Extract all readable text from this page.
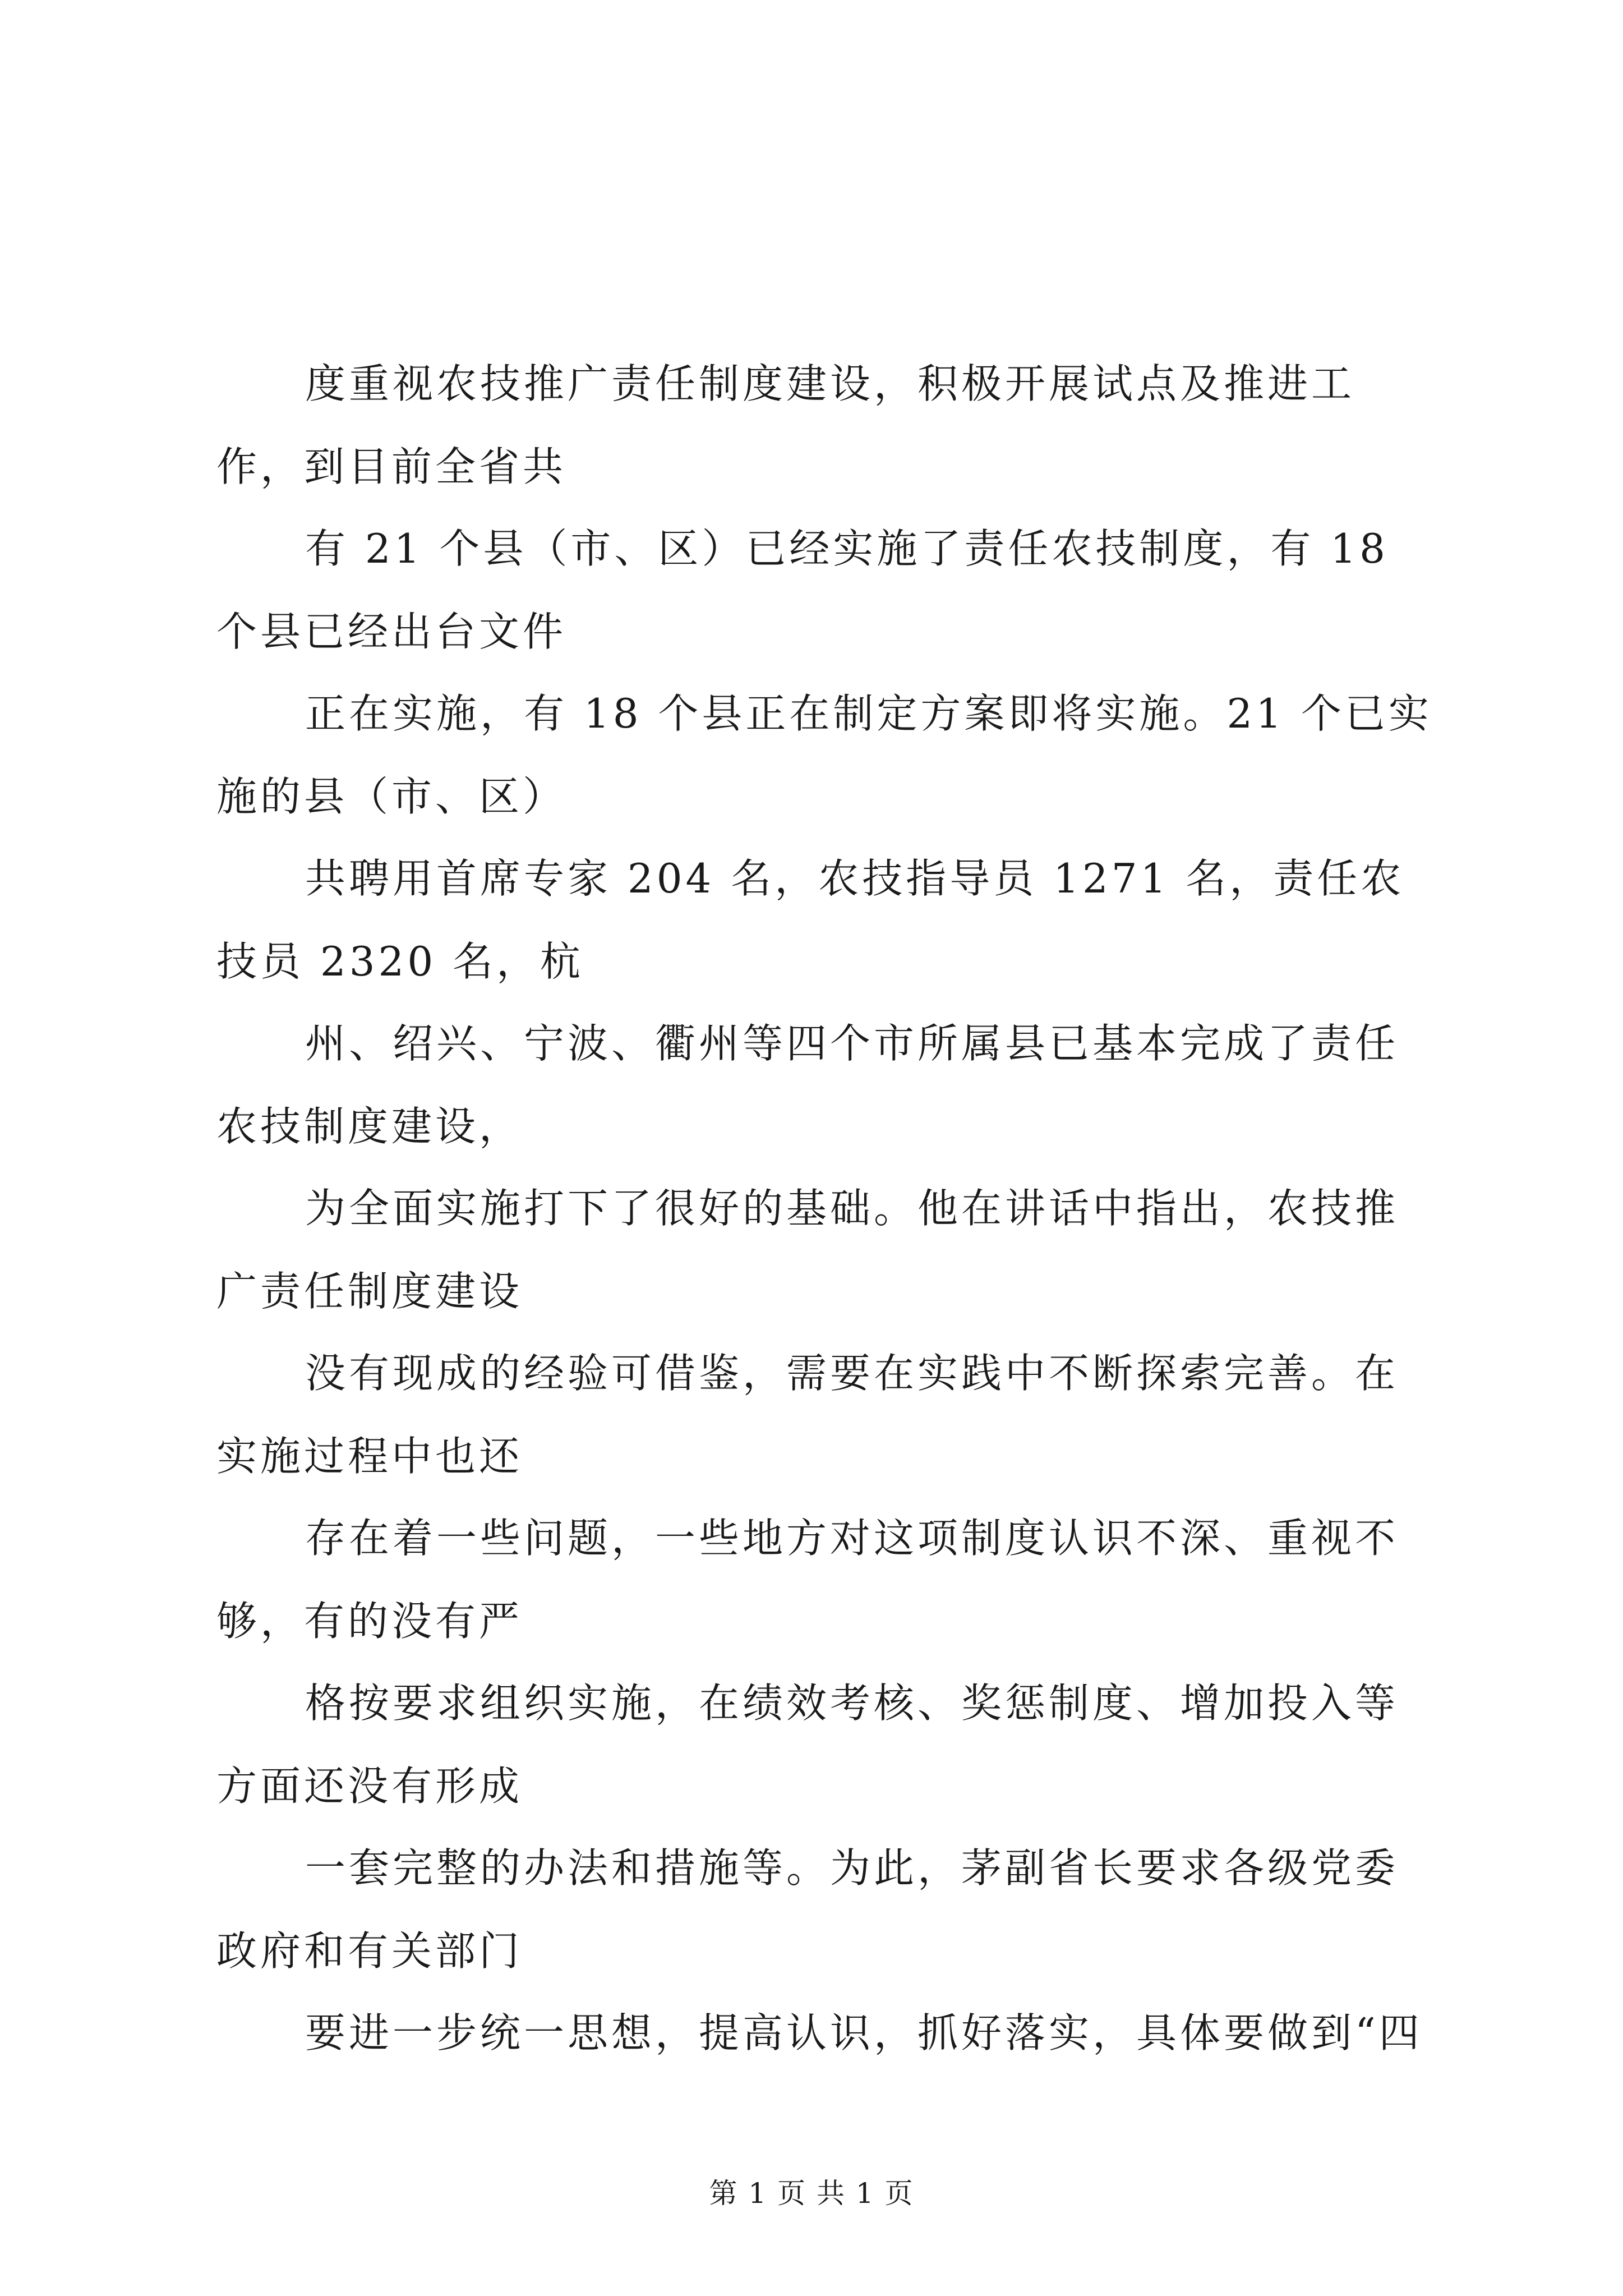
度重视农技推广责任制度建设，积极开展试点及推进工作，到目前全省共

有 21 个县（市、区）已经实施了责任农技制度，有 18 个县已经出台文件

正在实施，有 18 个县正在制定方案即将实施。21 个已实施的县（市、区）

共聘用首席专家 204 名，农技指导员 1271 名，责任农技员 2320 名，杭

州、绍兴、宁波、衢州等四个市所属县已基本完成了责任农技制度建设，

为全面实施打下了很好的基础。他在讲话中指出，农技推广责任制度建设

没有现成的经验可借鉴，需要在实践中不断探索完善。在实施过程中也还

存在着一些问题，一些地方对这项制度认识不深、重视不够，有的没有严

格按要求组织实施，在绩效考核、奖惩制度、增加投入等方面还没有形成

一套完整的办法和措施等。为此，茅副省长要求各级党委政府和有关部门

要进一步统一思想，提高认识，抓好落实，具体要做到“四

第 1 页 共 1 页
